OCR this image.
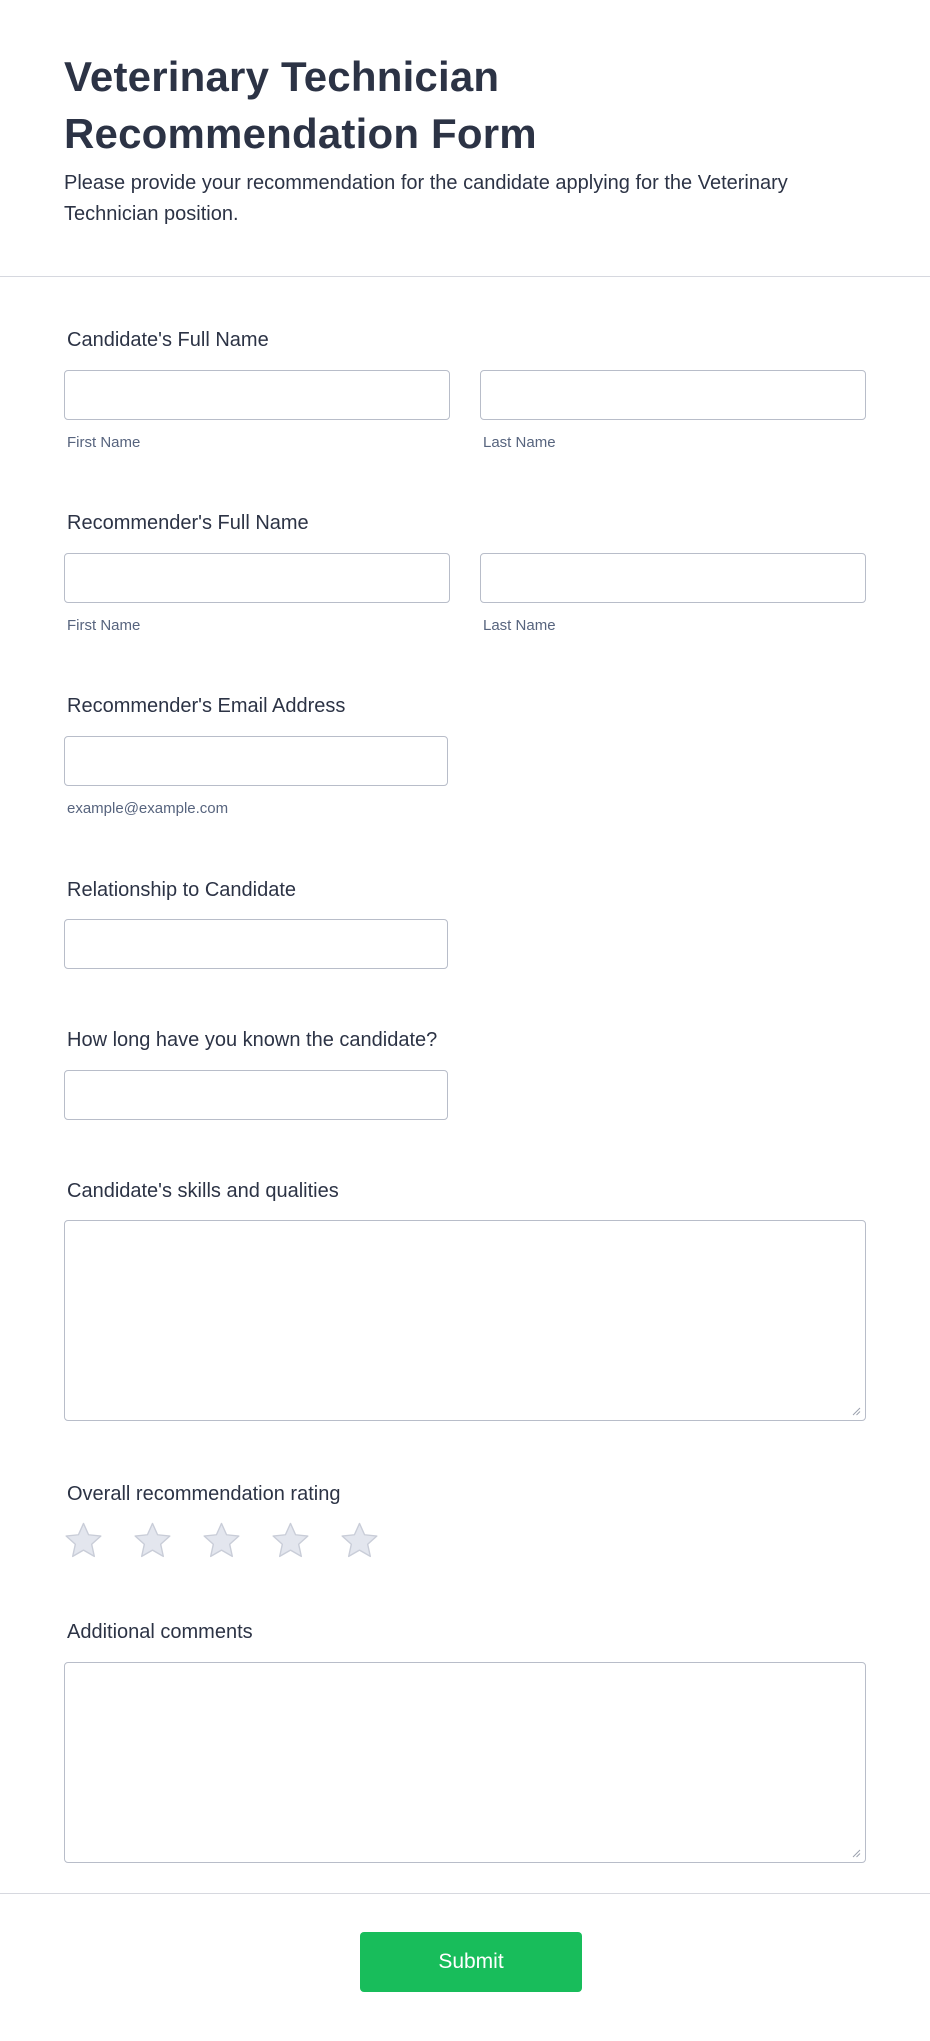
Veterinary Technician Recommendation Form

Please provide your recommendation for the candidate applying for the Veterinary Technician position.

Candidate's Full Name
First Name	Last Name
Recommender's Full Name
First Name	Last Name
Recommender's Email Address
example@example.com
Relationship to Candidate
How long have you known the candidate?
Candidate's skills and qualities
Overall recommendation rating
Additional comments
Submit
